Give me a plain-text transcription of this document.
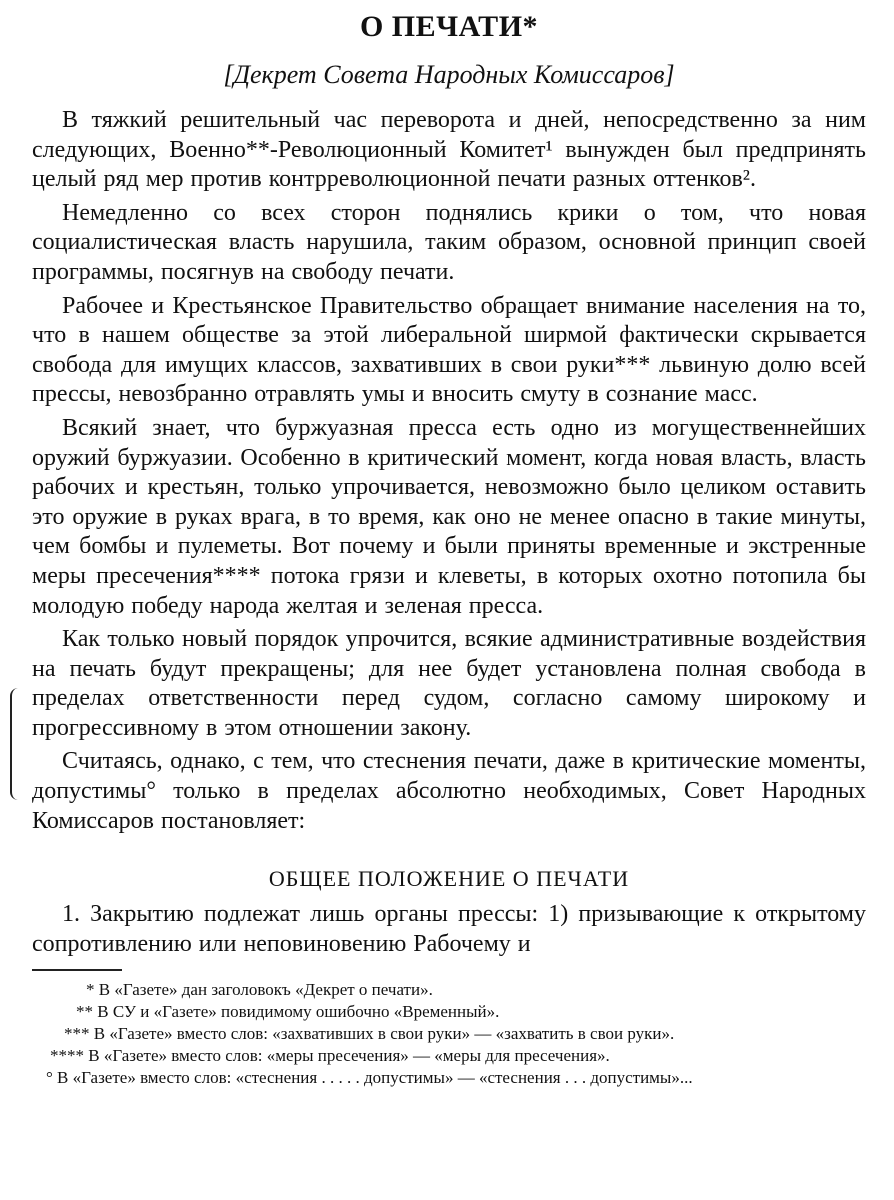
О ПЕЧАТИ*
[Декрет Совета Народных Комиссаров]

В тяжкий решительный час переворота и дней, непосредственно за ним следующих, Военно**-Революционный Комитет¹ вынужден был предпринять целый ряд мер против контрреволюционной печати разных оттенков².

Немедленно со всех сторон поднялись крики о том, что новая социалистическая власть нарушила, таким образом, основной принцип своей программы, посягнув на свободу печати.

Рабочее и Крестьянское Правительство обращает внимание населения на то, что в нашем обществе за этой либеральной ширмой фактически скрывается свобода для имущих классов, захвативших в свои руки*** львиную долю всей прессы, невозбранно отравлять умы и вносить смуту в сознание масс.

Всякий знает, что буржуазная пресса есть одно из могущественнейших оружий буржуазии. Особенно в критический момент, когда новая власть, власть рабочих и крестьян, только упрочивается, невозможно было целиком оставить это оружие в руках врага, в то время, как оно не менее опасно в такие минуты, чем бомбы и пулеметы. Вот почему и были приняты временные и экстренные меры пресечения**** потока грязи и клеветы, в которых охотно потопила бы молодую победу народа желтая и зеленая пресса.

Как только новый порядок упрочится, всякие административные воздействия на печать будут прекращены; для нее будет установлена полная свобода в пределах ответственности перед судом, согласно самому широкому и прогрессивному в этом отношении закону.

Считаясь, однако, с тем, что стеснения печати, даже в критические моменты, допустимы° только в пределах абсолютно необходимых, Совет Народных Комиссаров постановляет:

ОБЩЕЕ ПОЛОЖЕНИЕ О ПЕЧАТИ

1. Закрытию подлежат лишь органы прессы: 1) призывающие к открытому сопротивлению или неповиновению Рабочему и

* В «Газете» дан заголовокъ «Декрет о печати».

** В СУ и «Газете» повидимому ошибочно «Временный».

*** В «Газете» вместо слов: «захвативших в свои руки» — «захватить в свои руки».

**** В «Газете» вместо слов: «меры пресечения» — «меры для пресечения».

° В «Газете» вместо слов: «стеснения . . . . . допустимы» — «стеснения . . . допустимы»...
